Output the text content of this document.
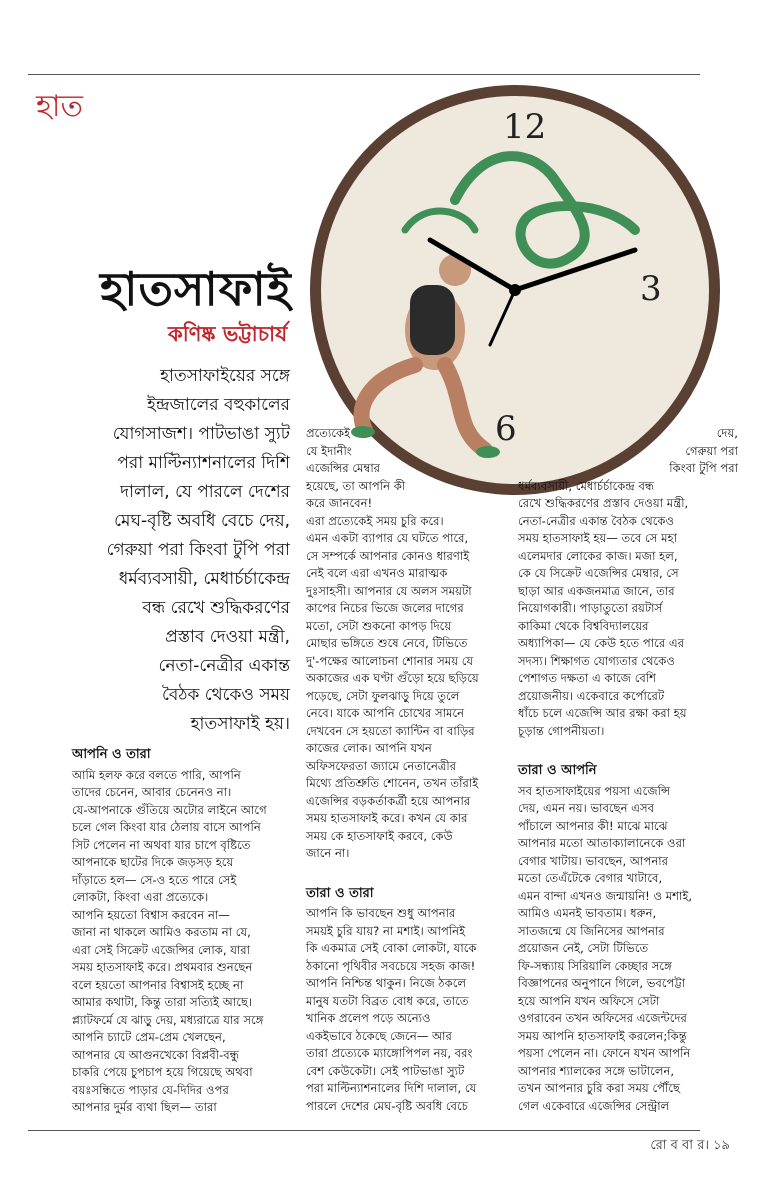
হাত
12
3
6
হাতসাফাই
কণিষ্ক ভট্টাচার্য
হাতসাফাইয়ের সঙ্গে
ইন্দ্রজালের বহুকালের
যোগসাজশ। পাটভাঙা স্যুট
পরা মাল্টিন্যাশনালের দিশি
দালাল, যে পারলে দেশের
মেঘ-বৃষ্টি অবধি বেচে দেয়,
গেরুয়া পরা কিংবা টুপি পরা
ধর্মব্যবসায়ী, মেধার্চর্চাকেন্দ্র
বন্ধ রেখে শুদ্ধিকরণের
প্রস্তাব দেওয়া মন্ত্রী,
নেতা-নেত্রীর একান্ত
বৈঠক থেকেও সময়
হাতসাফাই হয়।
আপনি ও তারা
আমি হলফ করে বলতে পারি, আপনি
তাদের চেনেন, আবার চেনেনও না।
যে-আপনাকে গুঁতিয়ে অটোর লাইনে আগে
চলে গেল কিংবা যার ঠেলায় বাসে আপনি
সিট পেলেন না অথবা যার চাপে বৃষ্টিতে
আপনাকে ছাটের দিকে জড়সড় হয়ে
দাঁড়াতে হল— সে-ও হতে পারে সেই
লোকটা, কিংবা এরা প্রত্যেকে।
আপনি হয়তো বিশ্বাস করবেন না—
জানা না থাকলে আমিও করতাম না যে,
এরা সেই সিক্রেট এজেন্সির লোক, যারা
সময় হাতসাফাই করে। প্রথমবার শুনছেন
বলে হয়তো আপনার বিশ্বাসই হচ্ছে না
আমার কথাটা, কিন্তু তারা সত্যিই আছে।
প্ল্যাটফর্মে যে ঝাড়ু দেয়, মধ্যরাত্রে যার সঙ্গে
আপনি চ্যাটে প্রেম-প্রেম খেলছেন,
আপনার যে আগুনখেকো বিপ্লবী-বন্ধু
চাকরি পেয়ে চুপচাপ হয়ে গিয়েছে অথবা
বয়ঃসন্ধিতে পাড়ার যে-দিদির ওপর
আপনার দুর্মর ব্যথা ছিল— তারা
প্রত্যেকেই
যে ইদানীং
এজেন্সির মেম্বার
হয়েছে, তা আপনি কী
করে জানবেন!
এরা প্রত্যেকেই সময় চুরি করে।
এমন একটা ব্যাপার যে ঘটতে পারে,
সে সম্পর্কে আপনার কোনও ধারণাই
নেই বলে এরা এখনও মারাত্মক
দুঃসাহসী। আপনার যে অলস সময়টা
কাপের নিচের ভিজে জলের দাগের
মতো, সেটা শুকনো কাপড় দিয়ে
মোছার ভঙ্গিতে শুষে নেবে, টিভিতে
দু'-পক্ষের আলোচনা শোনার সময় যে
অকাজের এক ঘণ্টা গুঁড়ো হয়ে ছড়িয়ে
পড়েছে, সেটা ফুলঝাড়ু দিয়ে তুলে
নেবে। যাকে আপনি চোখের সামনে
দেখবেন সে হয়তো ক্যান্টিন বা বাড়ির
কাজের লোক। আপনি যখন
অফিসফেরতা জ্যামে নেতানেত্রীর
মিথ্যে প্রতিশ্রুতি শোনেন, তখন তাঁরাই
এজেন্সির বড়কর্তাকর্ত্রী হয়ে আপনার
সময় হাতসাফাই করে। কখন যে কার
সময় কে হাতসাফাই করবে, কেউ
জানে না।
তারা ও তারা
আপনি কি ভাবছেন শুধু আপনার
সময়ই চুরি যায়? না মশাই। আপনিই
কি একমাত্র সেই বোকা লোকটা, যাকে
ঠকানো পৃথিবীর সবচেয়ে সহজ কাজ!
আপনি নিশ্চিন্ত থাকুন। নিজে ঠকলে
মানুষ যতটা বিব্রত বোধ করে, তাতে
খানিক প্রলেপ পড়ে অন্যেও
একইভাবে ঠকেছে জেনে— আর
তারা প্রত্যেকে ম্যাঙ্গোপিপল নয়, বরং
বেশ কেউকেটা। সেই পাটভাঙা স্যুট
পরা মাল্টিন্যাশনালের দিশি দালাল, যে
পারলে দেশের মেঘ-বৃষ্টি অবধি বেচে
দেয়,
গেরুয়া পরা
কিংবা টুপি পরা
ধর্মব্যবসায়ী, মেধার্চর্চাকেন্দ্র বন্ধ
রেখে শুদ্ধিকরণের প্রস্তাব দেওয়া মন্ত্রী,
নেতা-নেত্রীর একান্ত বৈঠক থেকেও
সময় হাতসাফাই হয়— তবে সে মহা
এলেমদার লোকের কাজ। মজা হল,
কে যে সিক্রেট এজেন্সির মেম্বার, সে
ছাড়া আর একজনমাত্র জানে, তার
নিয়োগকারী। পাড়াতুতো রয়টার্স
কাকিমা থেকে বিশ্ববিদ্যালয়ের
অধ্যাপিকা— যে কেউ হতে পারে এর
সদস্য। শিক্ষাগত যোগ্যতার থেকেও
পেশাগত দক্ষতা এ কাজে বেশি
প্রয়োজনীয়। একেবারে কর্পোরেট
ধাঁচে চলে এজেন্সি আর রক্ষা করা হয়
চূড়ান্ত গোপনীয়তা।
তারা ও আপনি
সব হাতসাফাইয়ের পয়সা এজেন্সি
দেয়, এমন নয়। ভাবছেন এসব
পাঁচালে আপনার কী! মাঝে মাঝে
আপনার মতো আতাক্যালানেকে ওরা
বেগার খাটায়। ভাবছেন, আপনার
মতো তেএঁটেকে বেগার খাটাবে,
এমন বান্দা এখনও জন্মায়নি! ও মশাই,
আমিও এমনই ভাবতাম। ধরুন,
সাতজন্মে যে জিনিসের আপনার
প্রয়োজন নেই, সেটা টিভিতে
ফি-সন্ধ্যায় সিরিয়ালি কেচ্ছার সঙ্গে
বিজ্ঞাপনের অনুপানে গিলে, ভবপেট্টা
হয়ে আপনি যখন অফিসে সেটা
ওগরাবেন তখন অফিসের এজেন্টদের
সময় আপনি হাতসাফাই করলেন;কিন্তু
পয়সা পেলেন না। ফোনে যখন আপনি
আপনার শ্যালকের সঙ্গে ভাটালেন,
তখন আপনার চুরি করা সময় পৌঁছে
গেল একেবারে এজেন্সির সেন্ট্রাল
রো ব বা র। ১৯
